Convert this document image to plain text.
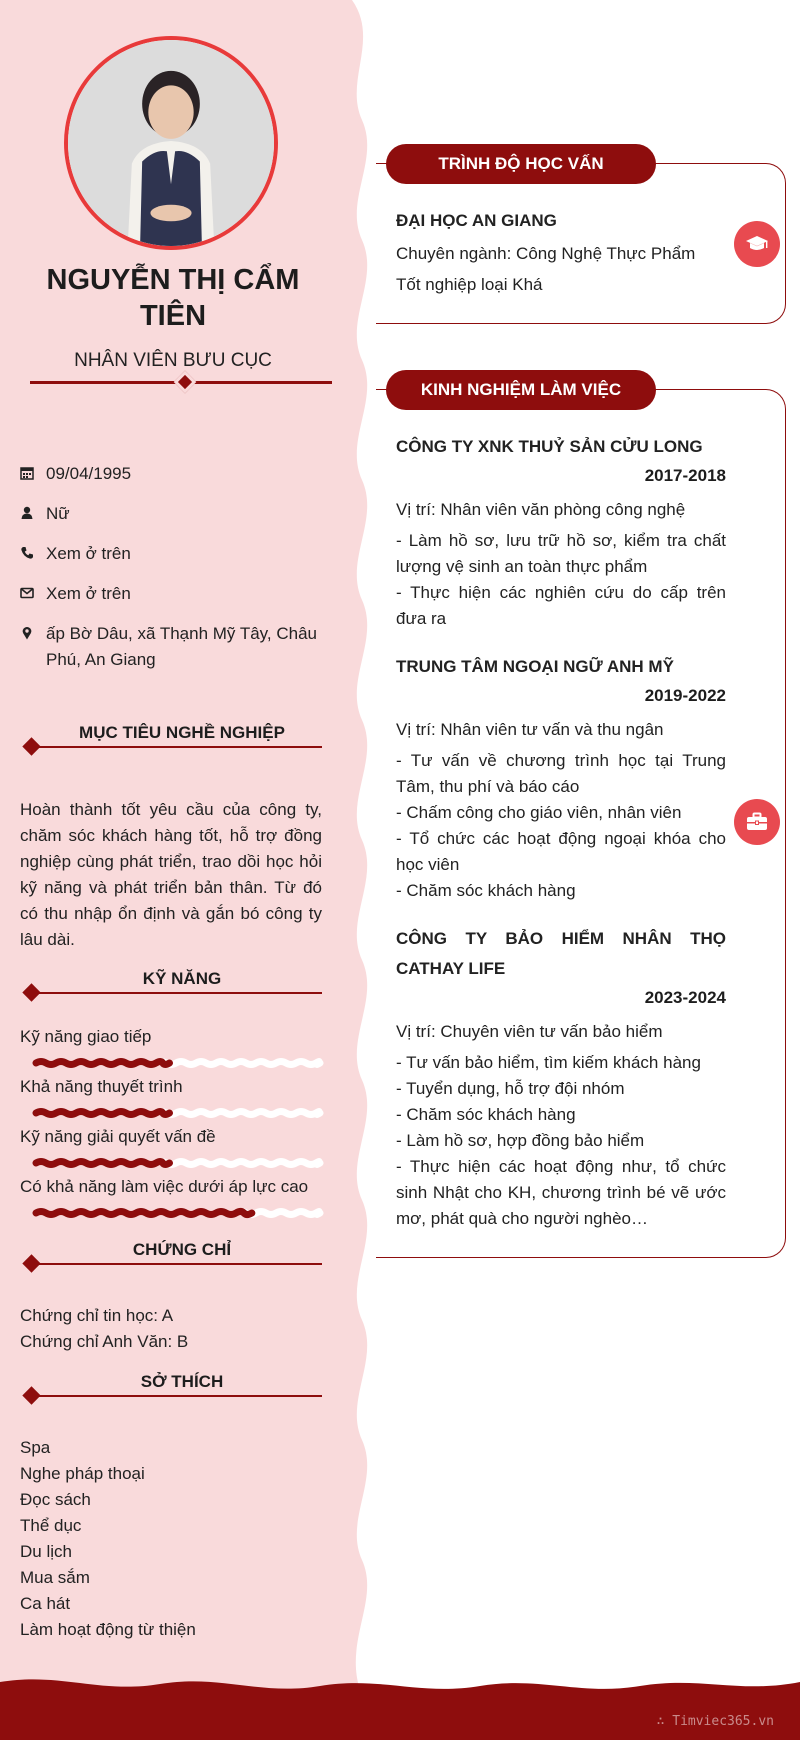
NGUYỄN THỊ CẨM TIÊN
NHÂN VIÊN BƯU CỤC
09/04/1995
Nữ
Xem ở trên
Xem ở trên
ấp Bờ Dâu, xã Thạnh Mỹ Tây, Châu Phú, An Giang
MỤC TIÊU NGHỀ NGHIỆP
Hoàn thành tốt yêu cầu của công ty, chăm sóc khách hàng tốt, hỗ trợ đồng nghiệp cùng phát triển, trao dồi học hỏi kỹ năng và phát triển bản thân. Từ đó có thu nhập ổn định và gắn bó công ty lâu dài.
KỸ NĂNG
Kỹ năng giao tiếp
Khả năng thuyết trình
Kỹ năng giải quyết vấn đề
Có khả năng làm việc dưới áp lực cao
CHỨNG CHỈ
Chứng chỉ tin học: A
Chứng chỉ Anh Văn: B
SỞ THÍCH
Spa
Nghe pháp thoại
Đọc sách
Thể dục
Du lịch
Mua sắm
Ca hát
Làm hoạt động từ thiện
TRÌNH ĐỘ HỌC VẤN
ĐẠI HỌC AN GIANG
Chuyên ngành: Công Nghệ Thực Phẩm
Tốt nghiệp loại Khá
KINH NGHIỆM LÀM VIỆC
CÔNG TY XNK THUỶ SẢN CỬU LONG
2017-2018
Vị trí: Nhân viên văn phòng công nghệ
- Làm hồ sơ, lưu trữ hồ sơ, kiểm tra chất lượng vệ sinh an toàn thực phẩm
- Thực hiện các nghiên cứu do cấp trên đưa ra
TRUNG TÂM NGOẠI NGỮ ANH MỸ
2019-2022
Vị trí: Nhân viên tư vấn và thu ngân
- Tư vấn về chương trình học tại Trung Tâm, thu phí và báo cáo
- Chấm công cho giáo viên, nhân viên
- Tổ chức các hoạt động ngoại khóa cho học viên
- Chăm sóc khách hàng
CÔNG TY BẢO HIỂM NHÂN THỌ CATHAY LIFE
2023-2024
Vị trí: Chuyên viên tư vấn bảo hiểm
- Tư vấn bảo hiểm, tìm kiếm khách hàng
- Tuyển dụng, hỗ trợ đội nhóm
- Chăm sóc khách hàng
- Làm hồ sơ, hợp đồng bảo hiểm
- Thực hiện các hoạt động như, tổ chức sinh Nhật cho KH, chương trình bé vẽ ước mơ, phát quà cho người nghèo…
∴ Timviec365.vn
